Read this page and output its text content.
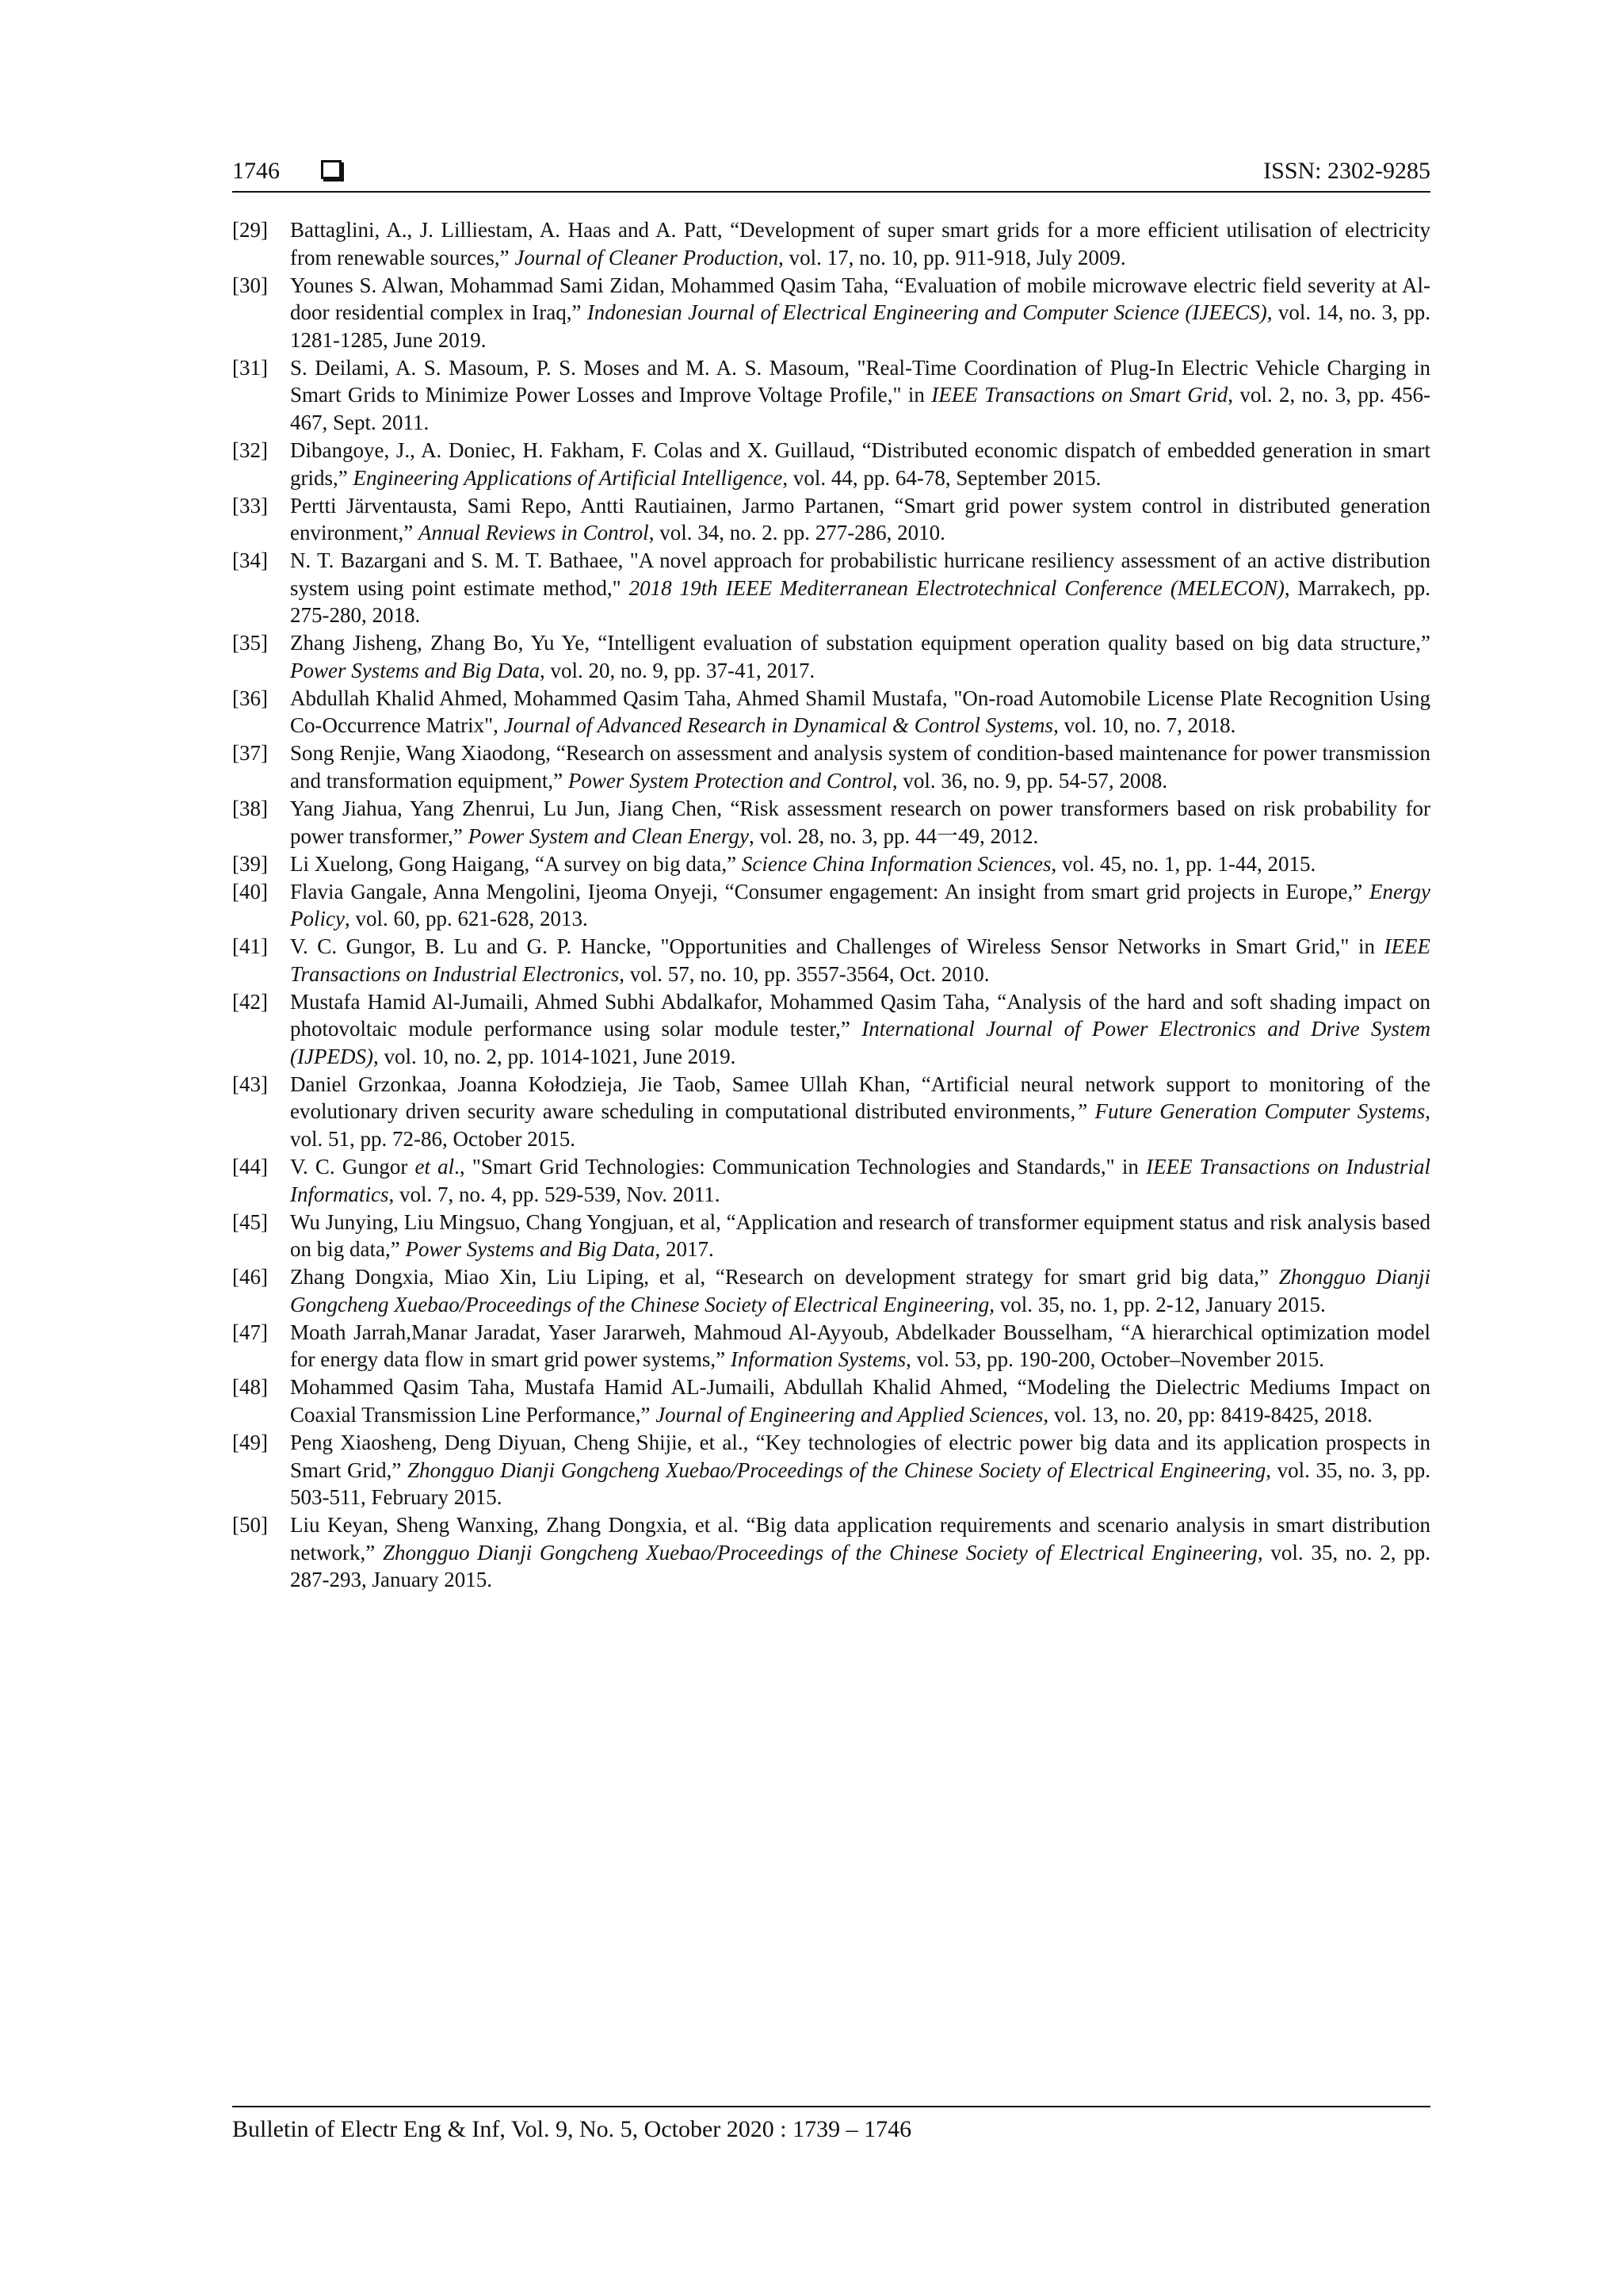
1746	ISSN: 2302-9285
[29] Battaglini, A., J. Lilliestam, A. Haas and A. Patt, “Development of super smart grids for a more efficient utilisation of electricity from renewable sources,” Journal of Cleaner Production, vol. 17, no. 10, pp. 911-918, July 2009.
[30] Younes S. Alwan, Mohammad Sami Zidan, Mohammed Qasim Taha, “Evaluation of mobile microwave electric field severity at Al-door residential complex in Iraq,” Indonesian Journal of Electrical Engineering and Computer Science (IJEECS), vol. 14, no. 3, pp. 1281-1285, June 2019.
[31] S. Deilami, A. S. Masoum, P. S. Moses and M. A. S. Masoum, "Real-Time Coordination of Plug-In Electric Vehicle Charging in Smart Grids to Minimize Power Losses and Improve Voltage Profile," in IEEE Transactions on Smart Grid, vol. 2, no. 3, pp. 456-467, Sept. 2011.
[32] Dibangoye, J., A. Doniec, H. Fakham, F. Colas and X. Guillaud, “Distributed economic dispatch of embedded generation in smart grids,” Engineering Applications of Artificial Intelligence, vol. 44, pp. 64-78, September 2015.
[33] Pertti Järventausta, Sami Repo, Antti Rautiainen, Jarmo Partanen, “Smart grid power system control in distributed generation environment,” Annual Reviews in Control, vol. 34, no. 2. pp. 277-286, 2010.
[34] N. T. Bazargani and S. M. T. Bathaee, "A novel approach for probabilistic hurricane resiliency assessment of an active distribution system using point estimate method," 2018 19th IEEE Mediterranean Electrotechnical Conference (MELECON), Marrakech, pp. 275-280, 2018.
[35] Zhang Jisheng, Zhang Bo, Yu Ye, “Intelligent evaluation of substation equipment operation quality based on big data structure,” Power Systems and Big Data, vol. 20, no. 9, pp. 37-41, 2017.
[36] Abdullah Khalid Ahmed, Mohammed Qasim Taha, Ahmed Shamil Mustafa, "On-road Automobile License Plate Recognition Using Co-Occurrence Matrix", Journal of Advanced Research in Dynamical & Control Systems, vol. 10, no. 7, 2018.
[37] Song Renjie, Wang Xiaodong, “Research on assessment and analysis system of condition-based maintenance for power transmission and transformation equipment,” Power System Protection and Control, vol. 36, no. 9, pp. 54-57, 2008.
[38] Yang Jiahua, Yang Zhenrui, Lu Jun, Jiang Chen, “Risk assessment research on power transformers based on risk probability for power transformer,” Power System and Clean Energy, vol. 28, no. 3, pp. 44一49, 2012.
[39] Li Xuelong, Gong Haigang, “A survey on big data,” Science China Information Sciences, vol. 45, no. 1, pp. 1-44, 2015.
[40] Flavia Gangale, Anna Mengolini, Ijeoma Onyeji, “Consumer engagement: An insight from smart grid projects in Europe,” Energy Policy, vol. 60, pp. 621-628, 2013.
[41] V. C. Gungor, B. Lu and G. P. Hancke, "Opportunities and Challenges of Wireless Sensor Networks in Smart Grid," in IEEE Transactions on Industrial Electronics, vol. 57, no. 10, pp. 3557-3564, Oct. 2010.
[42] Mustafa Hamid Al-Jumaili, Ahmed Subhi Abdalkafor, Mohammed Qasim Taha, “Analysis of the hard and soft shading impact on photovoltaic module performance using solar module tester,” International Journal of Power Electronics and Drive System (IJPEDS), vol. 10, no. 2, pp. 1014-1021, June 2019.
[43] Daniel Grzonkaa, Joanna Kołodzieja, Jie Taob, Samee Ullah Khan, “Artificial neural network support to monitoring of the evolutionary driven security aware scheduling in computational distributed environments,” Future Generation Computer Systems, vol. 51, pp. 72-86, October 2015.
[44] V. C. Gungor et al., "Smart Grid Technologies: Communication Technologies and Standards," in IEEE Transactions on Industrial Informatics, vol. 7, no. 4, pp. 529-539, Nov. 2011.
[45] Wu Junying, Liu Mingsuo, Chang Yongjuan, et al, “Application and research of transformer equipment status and risk analysis based on big data,” Power Systems and Big Data, 2017.
[46] Zhang Dongxia, Miao Xin, Liu Liping, et al, “Research on development strategy for smart grid big data,” Zhongguo Dianji Gongcheng Xuebao/Proceedings of the Chinese Society of Electrical Engineering, vol. 35, no. 1, pp. 2-12, January 2015.
[47] Moath Jarrah,Manar Jaradat, Yaser Jararweh, Mahmoud Al-Ayyoub, Abdelkader Bousselham, “A hierarchical optimization model for energy data flow in smart grid power systems,” Information Systems, vol. 53, pp. 190-200, October–November 2015.
[48] Mohammed Qasim Taha, Mustafa Hamid AL-Jumaili, Abdullah Khalid Ahmed, “Modeling the Dielectric Mediums Impact on Coaxial Transmission Line Performance,” Journal of Engineering and Applied Sciences, vol. 13, no. 20, pp: 8419-8425, 2018.
[49] Peng Xiaosheng, Deng Diyuan, Cheng Shijie, et al., “Key technologies of electric power big data and its application prospects in Smart Grid,” Zhongguo Dianji Gongcheng Xuebao/Proceedings of the Chinese Society of Electrical Engineering, vol. 35, no. 3, pp. 503-511, February 2015.
[50] Liu Keyan, Sheng Wanxing, Zhang Dongxia, et al. “Big data application requirements and scenario analysis in smart distribution network,” Zhongguo Dianji Gongcheng Xuebao/Proceedings of the Chinese Society of Electrical Engineering, vol. 35, no. 2, pp. 287-293, January 2015.
Bulletin of Electr Eng & Inf, Vol. 9, No. 5, October 2020 : 1739 – 1746
